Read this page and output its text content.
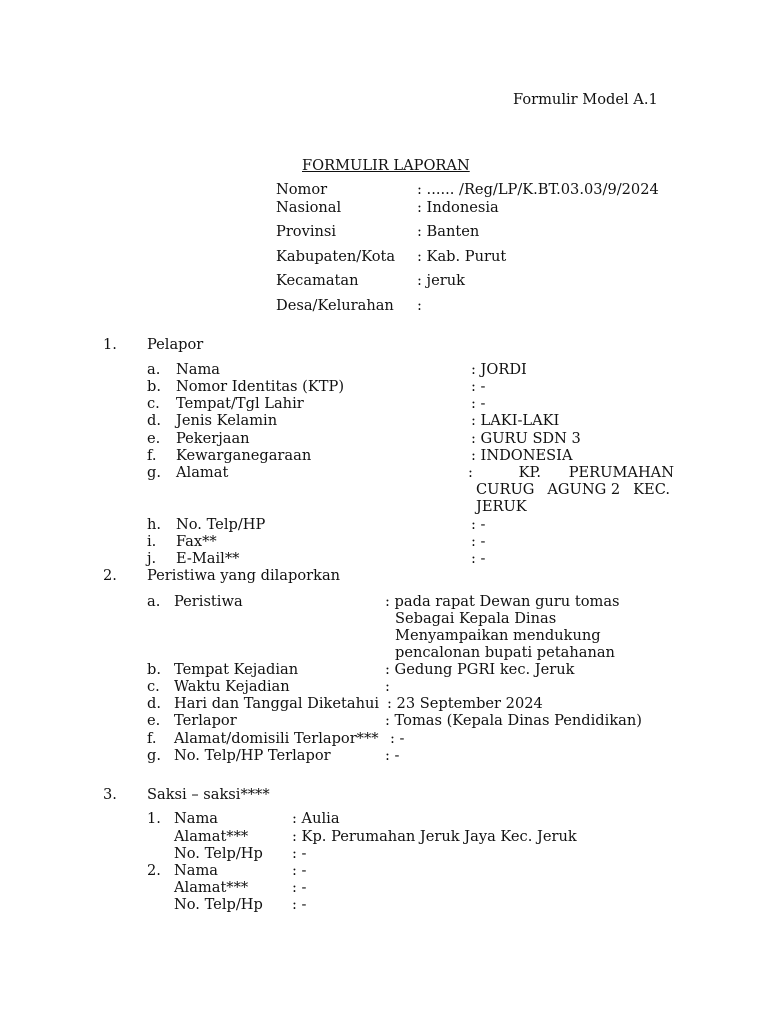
Formulir Model A.1
FORMULIR LAPORAN
Nomor	: ...... /Reg/LP/K.BT.03.03/9/2024
Nasional	: Indonesia
Provinsi	: Banten
Kabupaten/Kota : Kab. Purut
Kecamatan	: jeruk
Desa/Kelurahan :
1. Pelapor
a. Nama	: JORDI
b. Nomor Identitas (KTP)	: -
c. Tempat/Tgl Lahir	: -
d. Jenis Kelamin	: LAKI-LAKI
e. Pekerjaan	: GURU SDN 3
f. Kewarganegaraan	: INDONESIA
g. Alamat	:	KP. PERUMAHAN
CURUG AGUNG 2 KEC.
JERUK
h. No. Telp/HP	: -
i. Fax**	: -
j. E-Mail**	: -
2. Peristiwa yang dilaporkan
a. Peristiwa	: pada rapat Dewan guru tomas
Sebagai Kepala Dinas
Menyampaikan mendukung
pencalonan bupati petahanan
b. Tempat Kejadian	: Gedung PGRI kec. Jeruk
c. Waktu Kejadian	:
d. Hari dan Tanggal Diketahui : 23 September 2024
e. Terlapor	: Tomas (Kepala Dinas Pendidikan)
f. Alamat/domisili Terlapor*** : -
g. No. Telp/HP Terlapor	: -
3. Saksi – saksi****
1. Nama	: Aulia
Alamat***	: Kp. Perumahan Jeruk Jaya Kec. Jeruk
No. Telp/Hp : -
2. Nama	: -
Alamat***	: -
No. Telp/Hp : -
